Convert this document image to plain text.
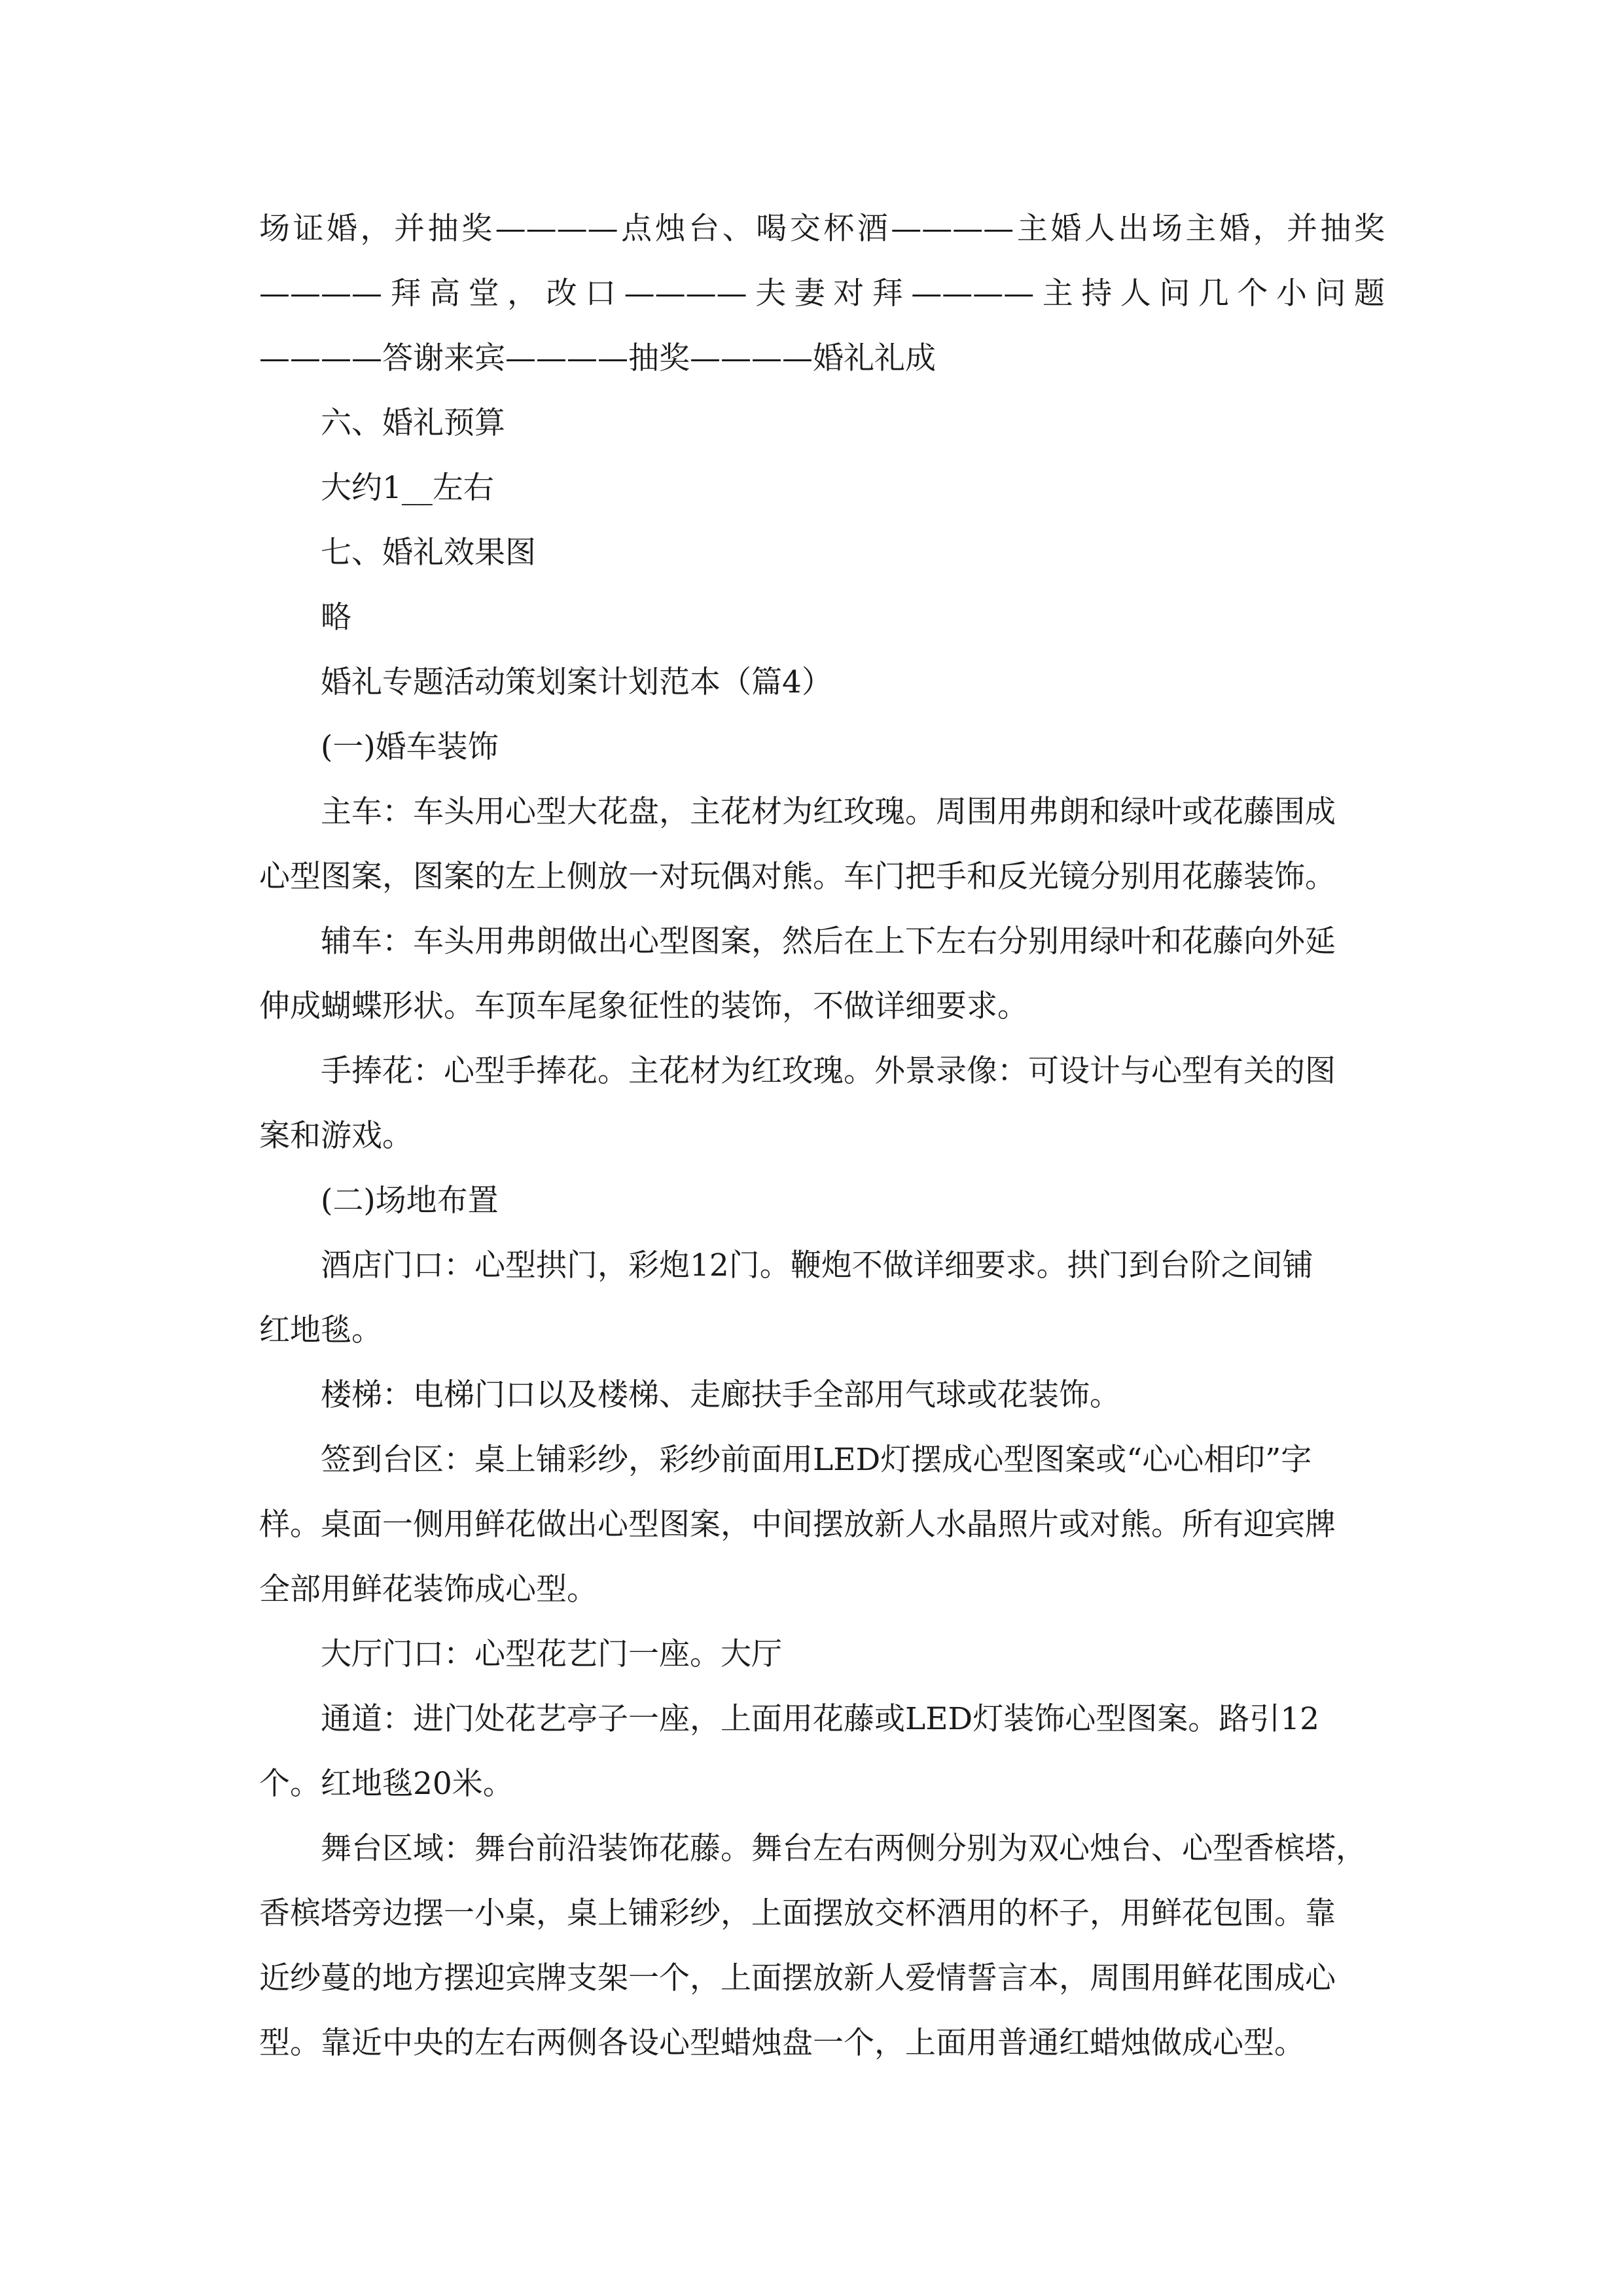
场证婚，并抽奖————点烛台、喝交杯酒————主婚人出场主婚，并抽奖

————拜高堂，改口————夫妻对拜————主持人问几个小问题

————答谢来宾————抽奖————婚礼礼成

六、婚礼预算

大约1__左右

七、婚礼效果图

略

婚礼专题活动策划案计划范本（篇4）

(一)婚车装饰

主车：车头用心型大花盘，主花材为红玫瑰。周围用弗朗和绿叶或花藤围成

心型图案，图案的左上侧放一对玩偶对熊。车门把手和反光镜分别用花藤装饰。

辅车：车头用弗朗做出心型图案，然后在上下左右分别用绿叶和花藤向外延

伸成蝴蝶形状。车顶车尾象征性的装饰，不做详细要求。

手捧花：心型手捧花。主花材为红玫瑰。外景录像：可设计与心型有关的图

案和游戏。

(二)场地布置

酒店门口：心型拱门，彩炮12门。鞭炮不做详细要求。拱门到台阶之间铺

红地毯。

楼梯：电梯门口以及楼梯、走廊扶手全部用气球或花装饰。

签到台区：桌上铺彩纱，彩纱前面用LED灯摆成心型图案或“心心相印”字

样。桌面一侧用鲜花做出心型图案，中间摆放新人水晶照片或对熊。所有迎宾牌

全部用鲜花装饰成心型。

大厅门口：心型花艺门一座。大厅

通道：进门处花艺亭子一座，上面用花藤或LED灯装饰心型图案。路引12

个。红地毯20米。

舞台区域：舞台前沿装饰花藤。舞台左右两侧分别为双心烛台、心型香槟塔，

香槟塔旁边摆一小桌，桌上铺彩纱，上面摆放交杯酒用的杯子，用鲜花包围。靠

近纱蔓的地方摆迎宾牌支架一个，上面摆放新人爱情誓言本，周围用鲜花围成心

型。靠近中央的左右两侧各设心型蜡烛盘一个，上面用普通红蜡烛做成心型。
